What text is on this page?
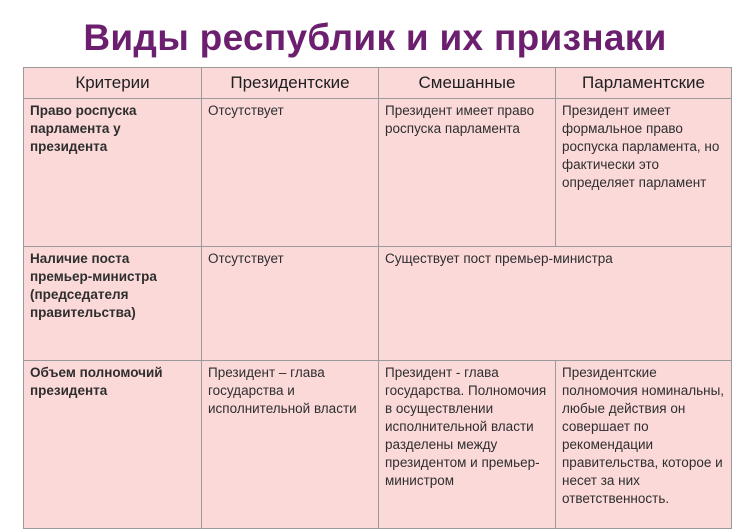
Виды республик и их признаки
Критерии	Президентские	Смешанные	Парламентские
Право роспуска парламента у президента	Отсутствует	Президент имеет право роспуска парламента	Президент имеет формальное право роспуска парламента, но фактически это определяет парламент
Наличие поста премьер-министра (председателя правительства)	Отсутствует	Существует пост премьер-министра	
Объем полномочий президента	Президент – глава государства и исполнительной власти	Президент - глава государства. Полномочия в осуществлении исполнительной власти разделены между президентом и премьер-министром	Президентские полномочия номинальны, любые действия он совершает по рекомендации правительства, которое и несет за них ответственность.
